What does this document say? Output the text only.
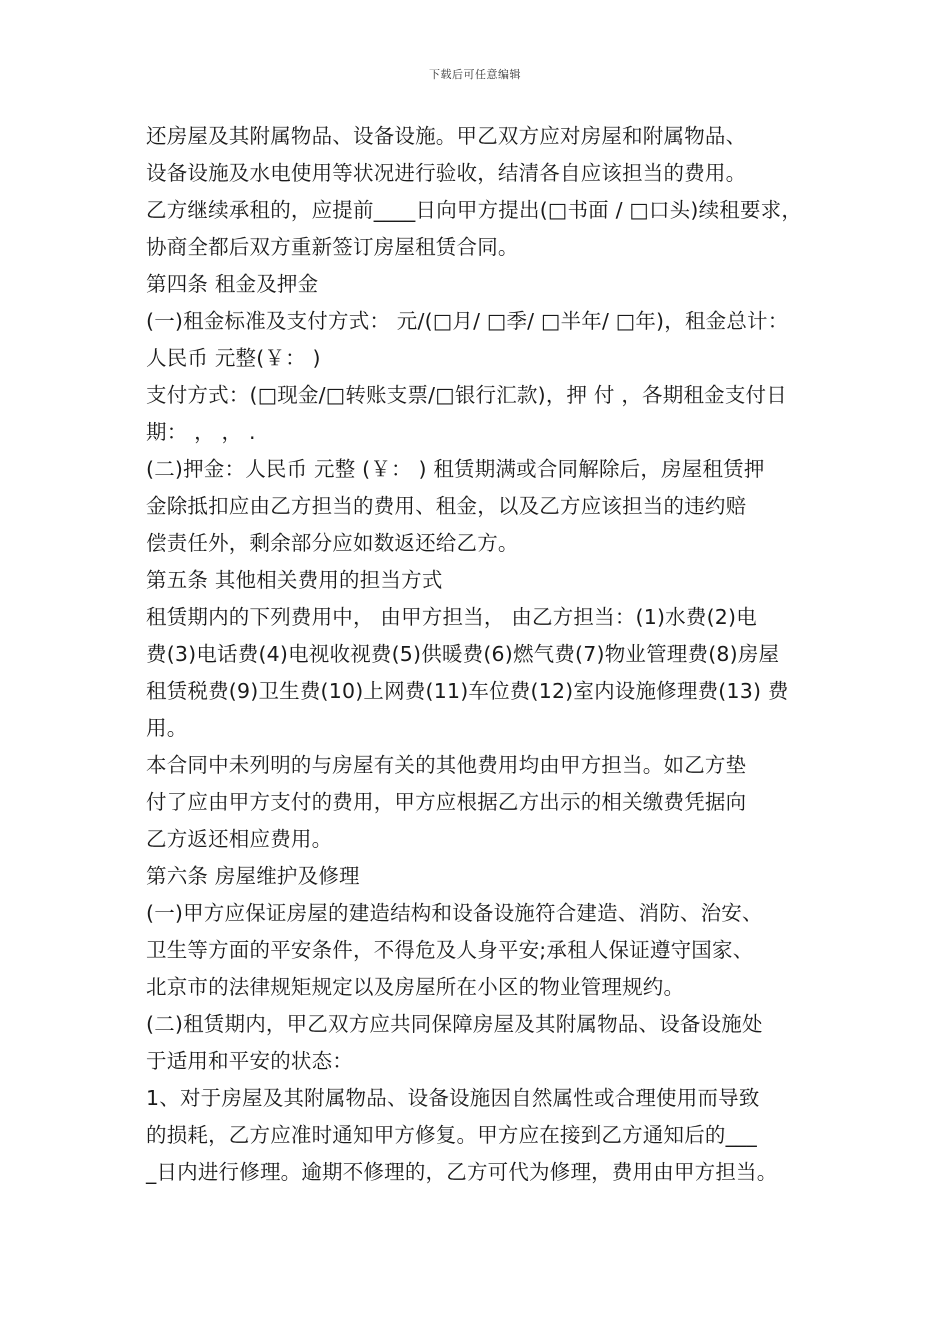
下载后可任意编辑
还房屋及其附属物品、设备设施。甲乙双方应对房屋和附属物品、
设备设施及水电使用等状况进行验收，结清各自应该担当的费用。
乙方继续承租的，应提前____日向甲方提出(□书面 / □口头)续租要求，
协商全都后双方重新签订房屋租赁合同。
第四条 租金及押金
(一)租金标准及支付方式： 元/(□月/ □季/ □半年/ □年)，租金总计：
人民币 元整(￥： )
支付方式：(□现金/□转账支票/□银行汇款)，押 付 ，各期租金支付日
期： ， ， .
(二)押金：人民币 元整 (￥： ) 租赁期满或合同解除后，房屋租赁押
金除抵扣应由乙方担当的费用、租金，以及乙方应该担当的违约赔
偿责任外，剩余部分应如数返还给乙方。
第五条 其他相关费用的担当方式
租赁期内的下列费用中， 由甲方担当， 由乙方担当：(1)水费(2)电
费(3)电话费(4)电视收视费(5)供暖费(6)燃气费(7)物业管理费(8)房屋
租赁税费(9)卫生费(10)上网费(11)车位费(12)室内设施修理费(13) 费
用。
本合同中未列明的与房屋有关的其他费用均由甲方担当。如乙方垫
付了应由甲方支付的费用，甲方应根据乙方出示的相关缴费凭据向
乙方返还相应费用。
第六条 房屋维护及修理
(一)甲方应保证房屋的建造结构和设备设施符合建造、消防、治安、
卫生等方面的平安条件，不得危及人身平安;承租人保证遵守国家、
北京市的法律规矩规定以及房屋所在小区的物业管理规约。
(二)租赁期内，甲乙双方应共同保障房屋及其附属物品、设备设施处
于适用和平安的状态：
1、对于房屋及其附属物品、设备设施因自然属性或合理使用而导致
的损耗，乙方应准时通知甲方修复。甲方应在接到乙方通知后的___
_日内进行修理。逾期不修理的，乙方可代为修理，费用由甲方担当。
